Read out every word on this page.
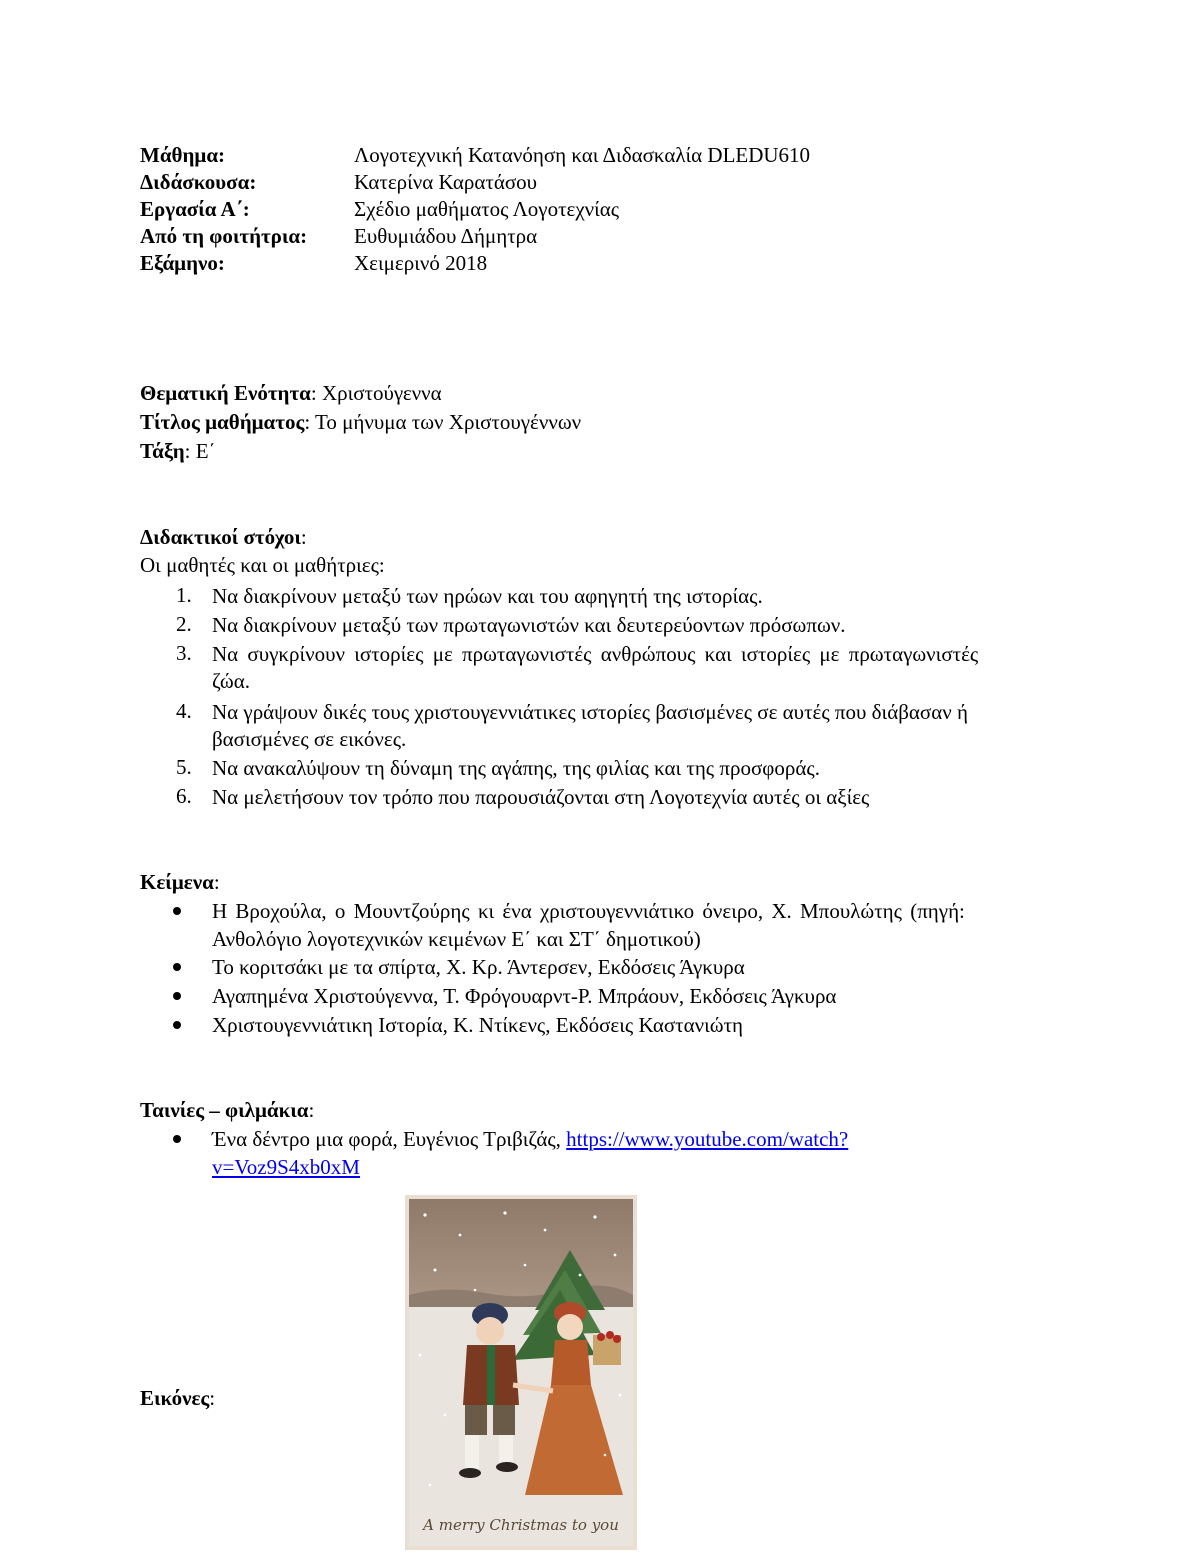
Μάθημα:	Λογοτεχνική Κατανόηση και Διδασκαλία DLEDU610
Διδάσκουσα:	Κατερίνα Καρατάσου
Εργασία Α΄:	Σχέδιο μαθήματος Λογοτεχνίας
Από τη φοιτήτρια: Ευθυμιάδου Δήμητρα
Εξάμηνο:	Χειμερινό 2018
Θεματική Ενότητα: Χριστούγεννα
Τίτλος μαθήματος: Το μήνυμα των Χριστουγέννων
Τάξη: Ε΄
Διδακτικοί στόχοι:
Οι μαθητές και οι μαθήτριες:
1. Να διακρίνουν μεταξύ των ηρώων και του αφηγητή της ιστορίας.
2. Να διακρίνουν μεταξύ των πρωταγωνιστών και δευτερεύοντων πρόσωπων.
3. Να συγκρίνουν ιστορίες με πρωταγωνιστές ανθρώπους και ιστορίες με πρωταγωνιστές
ζώα.
4. Να γράψουν δικές τους χριστουγεννιάτικες ιστορίες βασισμένες σε αυτές που διάβασαν ή
βασισμένες σε εικόνες.
5. Να ανακαλύψουν τη δύναμη της αγάπης, της φιλίας και της προσφοράς.
6. Να μελετήσουν τον τρόπο που παρουσιάζονται στη Λογοτεχνία αυτές οι αξίες
Κείμενα:
Η Βροχούλα, ο Μουντζούρης κι ένα χριστουγεννιάτικο όνειρο, Χ. Μπουλώτης (πηγή:
Ανθολόγιο λογοτεχνικών κειμένων Ε΄ και ΣΤ΄ δημοτικού)
Το κοριτσάκι με τα σπίρτα, Χ. Κρ. Άντερσεν, Εκδόσεις Άγκυρα
Αγαπημένα Χριστούγεννα, Τ. Φρόγουαρντ-Ρ. Μπράουν, Εκδόσεις Άγκυρα
Χριστουγεννιάτικη Ιστορία, Κ. Ντίκενς, Εκδόσεις Καστανιώτη
Ταινίες – φιλμάκια:
Ένα δέντρο μια φορά, Ευγένιος Τριβιζάς, https://www.youtube.com/watch?
v=Voz9S4xb0xM
Εικόνες:
A merry Christmas to you
